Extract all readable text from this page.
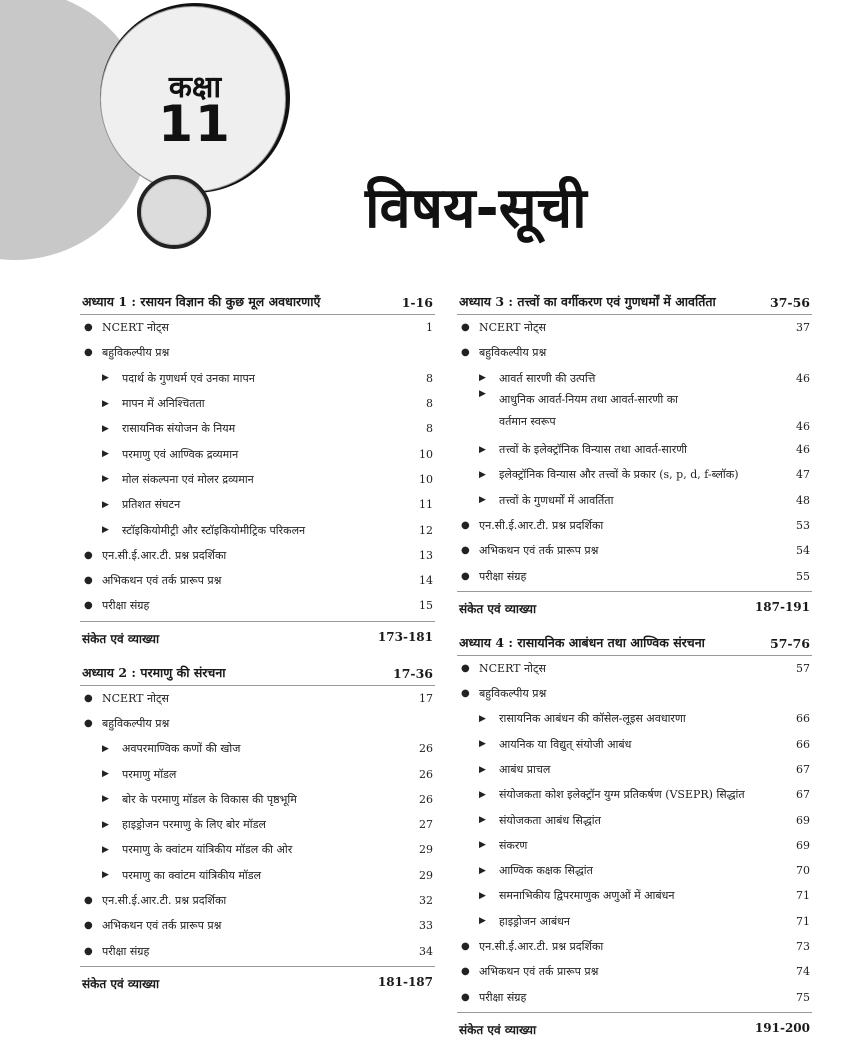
कक्षा
11
विषय-सूची
अध्याय 1 : रसायन विज्ञान की कुछ मूल अवधारणाएँ	1-16
● NCERT नोट्स	1
● बहुविकल्पीय प्रश्न
▶	पदार्थ के गुणधर्म एवं उनका मापन	8
▶	मापन में अनिश्चितता	8
▶	रासायनिक संयोजन के नियम	8
▶	परमाणु एवं आण्विक द्रव्यमान	10
▶	मोल संकल्पना एवं मोलर द्रव्यमान	10
▶	प्रतिशत संघटन	11
▶	स्टॉइकियोमीट्री और स्टॉइकियोमीट्रिक परिकलन	12
● एन.सी.ई.आर.टी. प्रश्न प्रदर्शिका	13
● अभिकथन एवं तर्क प्रारूप प्रश्न	14
● परीक्षा संग्रह	15
संकेत एवं व्याख्या	173-181
अध्याय 2 : परमाणु की संरचना	17-36
● NCERT नोट्स	17
● बहुविकल्पीय प्रश्न
▶	अवपरमाण्विक कणों की खोज	26
▶	परमाणु मॉडल	26
▶	बोर के परमाणु मॉडल के विकास की पृष्ठभूमि	26
▶	हाइड्रोजन परमाणु के लिए बोर मॉडल	27
▶	परमाणु के क्वांटम यांत्रिकीय मॉडल की ओर	29
▶	परमाणु का क्वांटम यांत्रिकीय मॉडल	29
● एन.सी.ई.आर.टी. प्रश्न प्रदर्शिका	32
● अभिकथन एवं तर्क प्रारूप प्रश्न	33
● परीक्षा संग्रह	34
संकेत एवं व्याख्या	181-187
अध्याय 3 : तत्त्वों का वर्गीकरण एवं गुणधर्मों में आवर्तिता	37-56
● NCERT नोट्स	37
● बहुविकल्पीय प्रश्न
▶	आवर्त सारणी की उत्पत्ति	46
▶	आधुनिक आवर्त-नियम तथा आवर्त-सारणी का
वर्तमान स्वरूप	46
▶	तत्त्वों के इलेक्ट्रॉनिक विन्यास तथा आवर्त-सारणी	46
▶	इलेक्ट्रॉनिक विन्यास और तत्त्वों के प्रकार (s, p, d, f-ब्लॉक)	47
▶	तत्त्वों के गुणधर्मों में आवर्तिता	48
● एन.सी.ई.आर.टी. प्रश्न प्रदर्शिका	53
● अभिकथन एवं तर्क प्रारूप प्रश्न	54
● परीक्षा संग्रह	55
संकेत एवं व्याख्या	187-191
अध्याय 4 : रासायनिक आबंधन तथा आण्विक संरचना	57-76
● NCERT नोट्स	57
● बहुविकल्पीय प्रश्न
▶	रासायनिक आबंधन की कॉसेल-लूइस अवधारणा	66
▶	आयनिक या विद्युत् संयोजी आबंध	66
▶	आबंध प्राचल	67
▶	संयोजकता कोश इलेक्ट्रॉन युग्म प्रतिकर्षण (VSEPR) सिद्धांत	67
▶	संयोजकता आबंध सिद्धांत	69
▶	संकरण	69
▶	आण्विक कक्षक सिद्धांत	70
▶	समनाभिकीय द्विपरमाणुक अणुओं में आबंधन	71
▶	हाइड्रोजन आबंधन	71
● एन.सी.ई.आर.टी. प्रश्न प्रदर्शिका	73
● अभिकथन एवं तर्क प्रारूप प्रश्न	74
● परीक्षा संग्रह	75
संकेत एवं व्याख्या	191-200
